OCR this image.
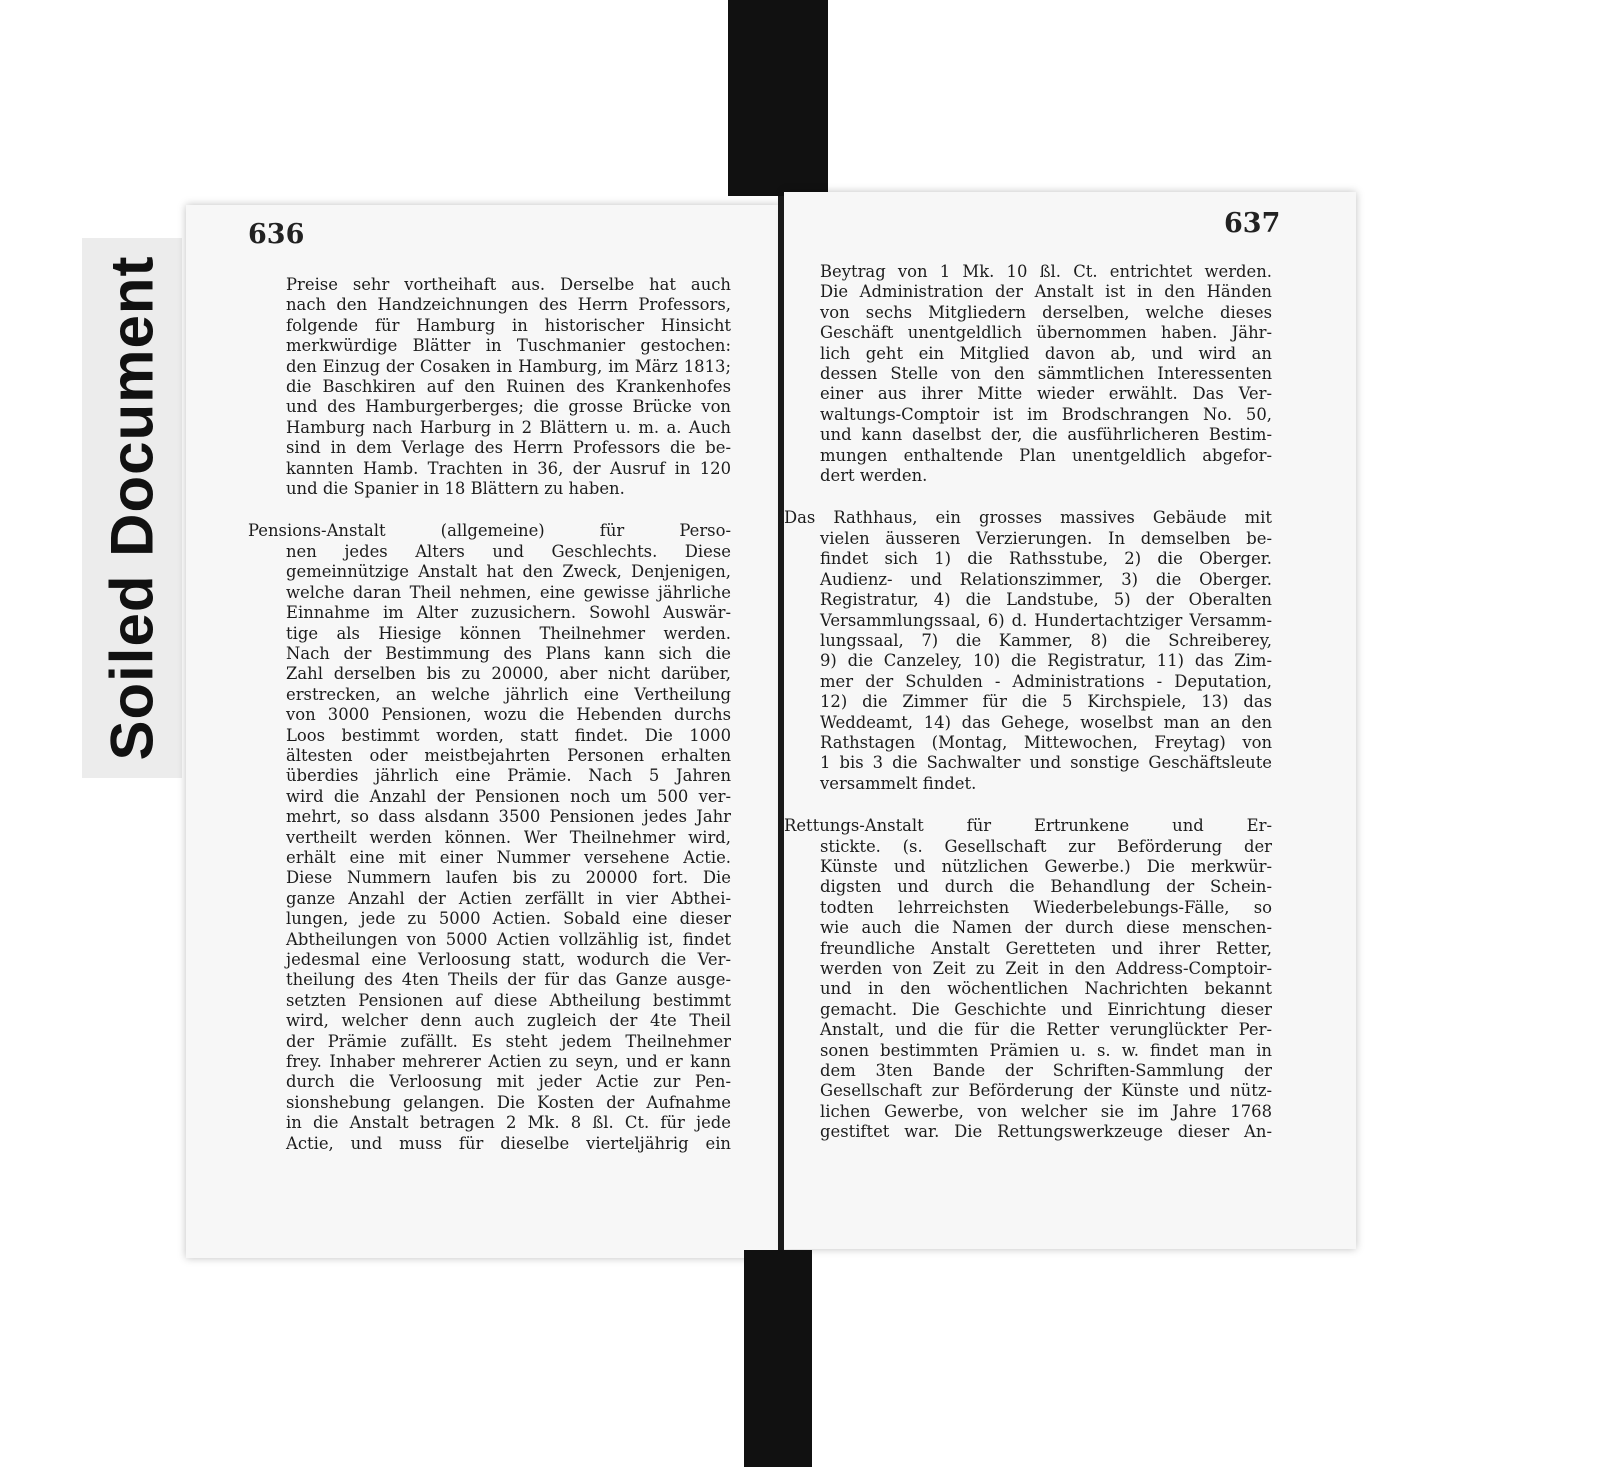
Soiled Document
636
Preise sehr vortheihaft aus. Derselbe hat auch
nach den Handzeichnungen des Herrn Professors,
folgende für Hamburg in historischer Hinsicht
merkwürdige Blätter in Tuschmanier gestochen:
den Einzug der Cosaken in Hamburg, im März 1813;
die Baschkiren auf den Ruinen des Krankenhofes
und des Hamburgerberges; die grosse Brücke von
Hamburg nach Harburg in 2 Blättern u. m. a. Auch
sind in dem Verlage des Herrn Professors die be-
kannten Hamb. Trachten in 36, der Ausruf in 120
und die Spanier in 18 Blättern zu haben.
Pensions-Anstalt (allgemeine) für Perso-
nen jedes Alters und Geschlechts. Diese
gemeinnützige Anstalt hat den Zweck, Denjenigen,
welche daran Theil nehmen, eine gewisse jährliche
Einnahme im Alter zuzusichern. Sowohl Auswär-
tige als Hiesige können Theilnehmer werden.
Nach der Bestimmung des Plans kann sich die
Zahl derselben bis zu 20000, aber nicht darüber,
erstrecken, an welche jährlich eine Vertheilung
von 3000 Pensionen, wozu die Hebenden durchs
Loos bestimmt worden, statt findet. Die 1000
ältesten oder meistbejahrten Personen erhalten
überdies jährlich eine Prämie. Nach 5 Jahren
wird die Anzahl der Pensionen noch um 500 ver-
mehrt, so dass alsdann 3500 Pensionen jedes Jahr
vertheilt werden können. Wer Theilnehmer wird,
erhält eine mit einer Nummer versehene Actie.
Diese Nummern laufen bis zu 20000 fort. Die
ganze Anzahl der Actien zerfällt in vier Abthei-
lungen, jede zu 5000 Actien. Sobald eine dieser
Abtheilungen von 5000 Actien vollzählig ist, findet
jedesmal eine Verloosung statt, wodurch die Ver-
theilung des 4ten Theils der für das Ganze ausge-
setzten Pensionen auf diese Abtheilung bestimmt
wird, welcher denn auch zugleich der 4te Theil
der Prämie zufällt. Es steht jedem Theilnehmer
frey. Inhaber mehrerer Actien zu seyn, und er kann
durch die Verloosung mit jeder Actie zur Pen-
sionshebung gelangen. Die Kosten der Aufnahme
in die Anstalt betragen 2 Mk. 8 ßl. Ct. für jede
Actie, und muss für dieselbe vierteljährig ein
637
Beytrag von 1 Mk. 10 ßl. Ct. entrichtet werden.
Die Administration der Anstalt ist in den Händen
von sechs Mitgliedern derselben, welche dieses
Geschäft unentgeldlich übernommen haben. Jähr-
lich geht ein Mitglied davon ab, und wird an
dessen Stelle von den sämmtlichen Interessenten
einer aus ihrer Mitte wieder erwählt. Das Ver-
waltungs-Comptoir ist im Brodschrangen No. 50,
und kann daselbst der, die ausführlicheren Bestim-
mungen enthaltende Plan unentgeldlich abgefor-
dert werden.
Das Rathhaus, ein grosses massives Gebäude mit
vielen äusseren Verzierungen. In demselben be-
findet sich 1) die Rathsstube, 2) die Oberger.
Audienz- und Relationszimmer, 3) die Oberger.
Registratur, 4) die Landstube, 5) der Oberalten
Versammlungssaal, 6) d. Hundertachtziger Versamm-
lungssaal, 7) die Kammer, 8) die Schreiberey,
9) die Canzeley, 10) die Registratur, 11) das Zim-
mer der Schulden - Administrations - Deputation,
12) die Zimmer für die 5 Kirchspiele, 13) das
Weddeamt, 14) das Gehege, woselbst man an den
Rathstagen (Montag, Mittewochen, Freytag) von
1 bis 3 die Sachwalter und sonstige Geschäftsleute
versammelt findet.
Rettungs-Anstalt für Ertrunkene und Er-
stickte. (s. Gesellschaft zur Beförderung der
Künste und nützlichen Gewerbe.) Die merkwür-
digsten und durch die Behandlung der Schein-
todten lehrreichsten Wiederbelebungs-Fälle, so
wie auch die Namen der durch diese menschen-
freundliche Anstalt Geretteten und ihrer Retter,
werden von Zeit zu Zeit in den Address-Comptoir-
und in den wöchentlichen Nachrichten bekannt
gemacht. Die Geschichte und Einrichtung dieser
Anstalt, und die für die Retter verunglückter Per-
sonen bestimmten Prämien u. s. w. findet man in
dem 3ten Bande der Schriften-Sammlung der
Gesellschaft zur Beförderung der Künste und nütz-
lichen Gewerbe, von welcher sie im Jahre 1768
gestiftet war. Die Rettungswerkzeuge dieser An-
